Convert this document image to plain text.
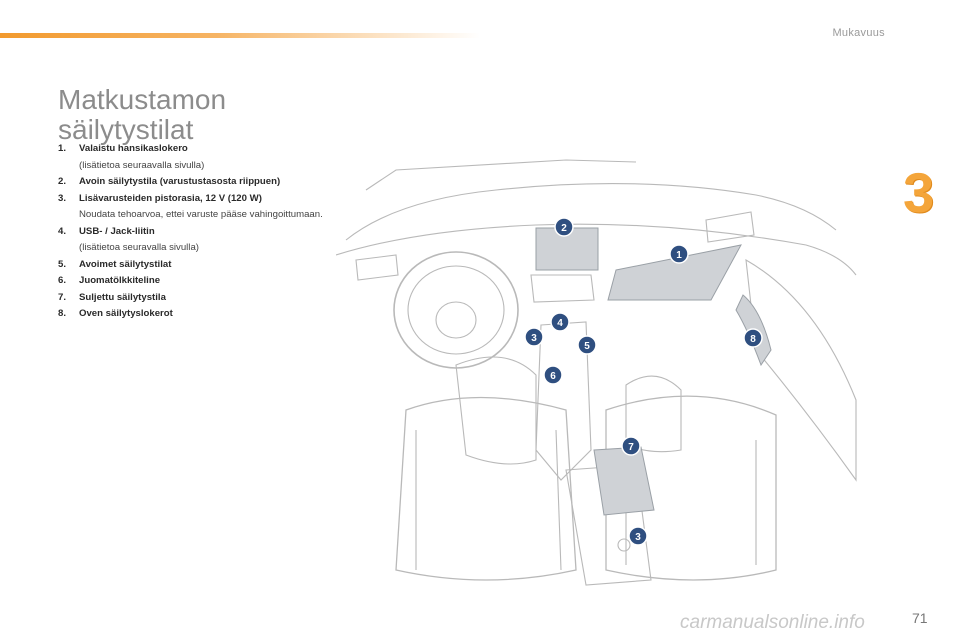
Mukavuus
3
Matkustamon
säilytystilat
1. Valaistu hansikaslokero
(lisätietoa seuraavalla sivulla)
2. Avoin säilytystila (varustustasosta riippuen)
3. Lisävarusteiden pistorasia, 12 V (120 W)
Noudata tehoarvoa, ettei varuste pääse vahingoittumaan.
4. USB- / Jack-liitin
(lisätietoa seuravalla sivulla)
5. Avoimet säilytystilat
6. Juomatölkkiteline
7. Suljettu säilytystila
8. Oven säilytyslokerot
1
2
3
4
5
6
7
3
8
carmanualsonline.info	71
